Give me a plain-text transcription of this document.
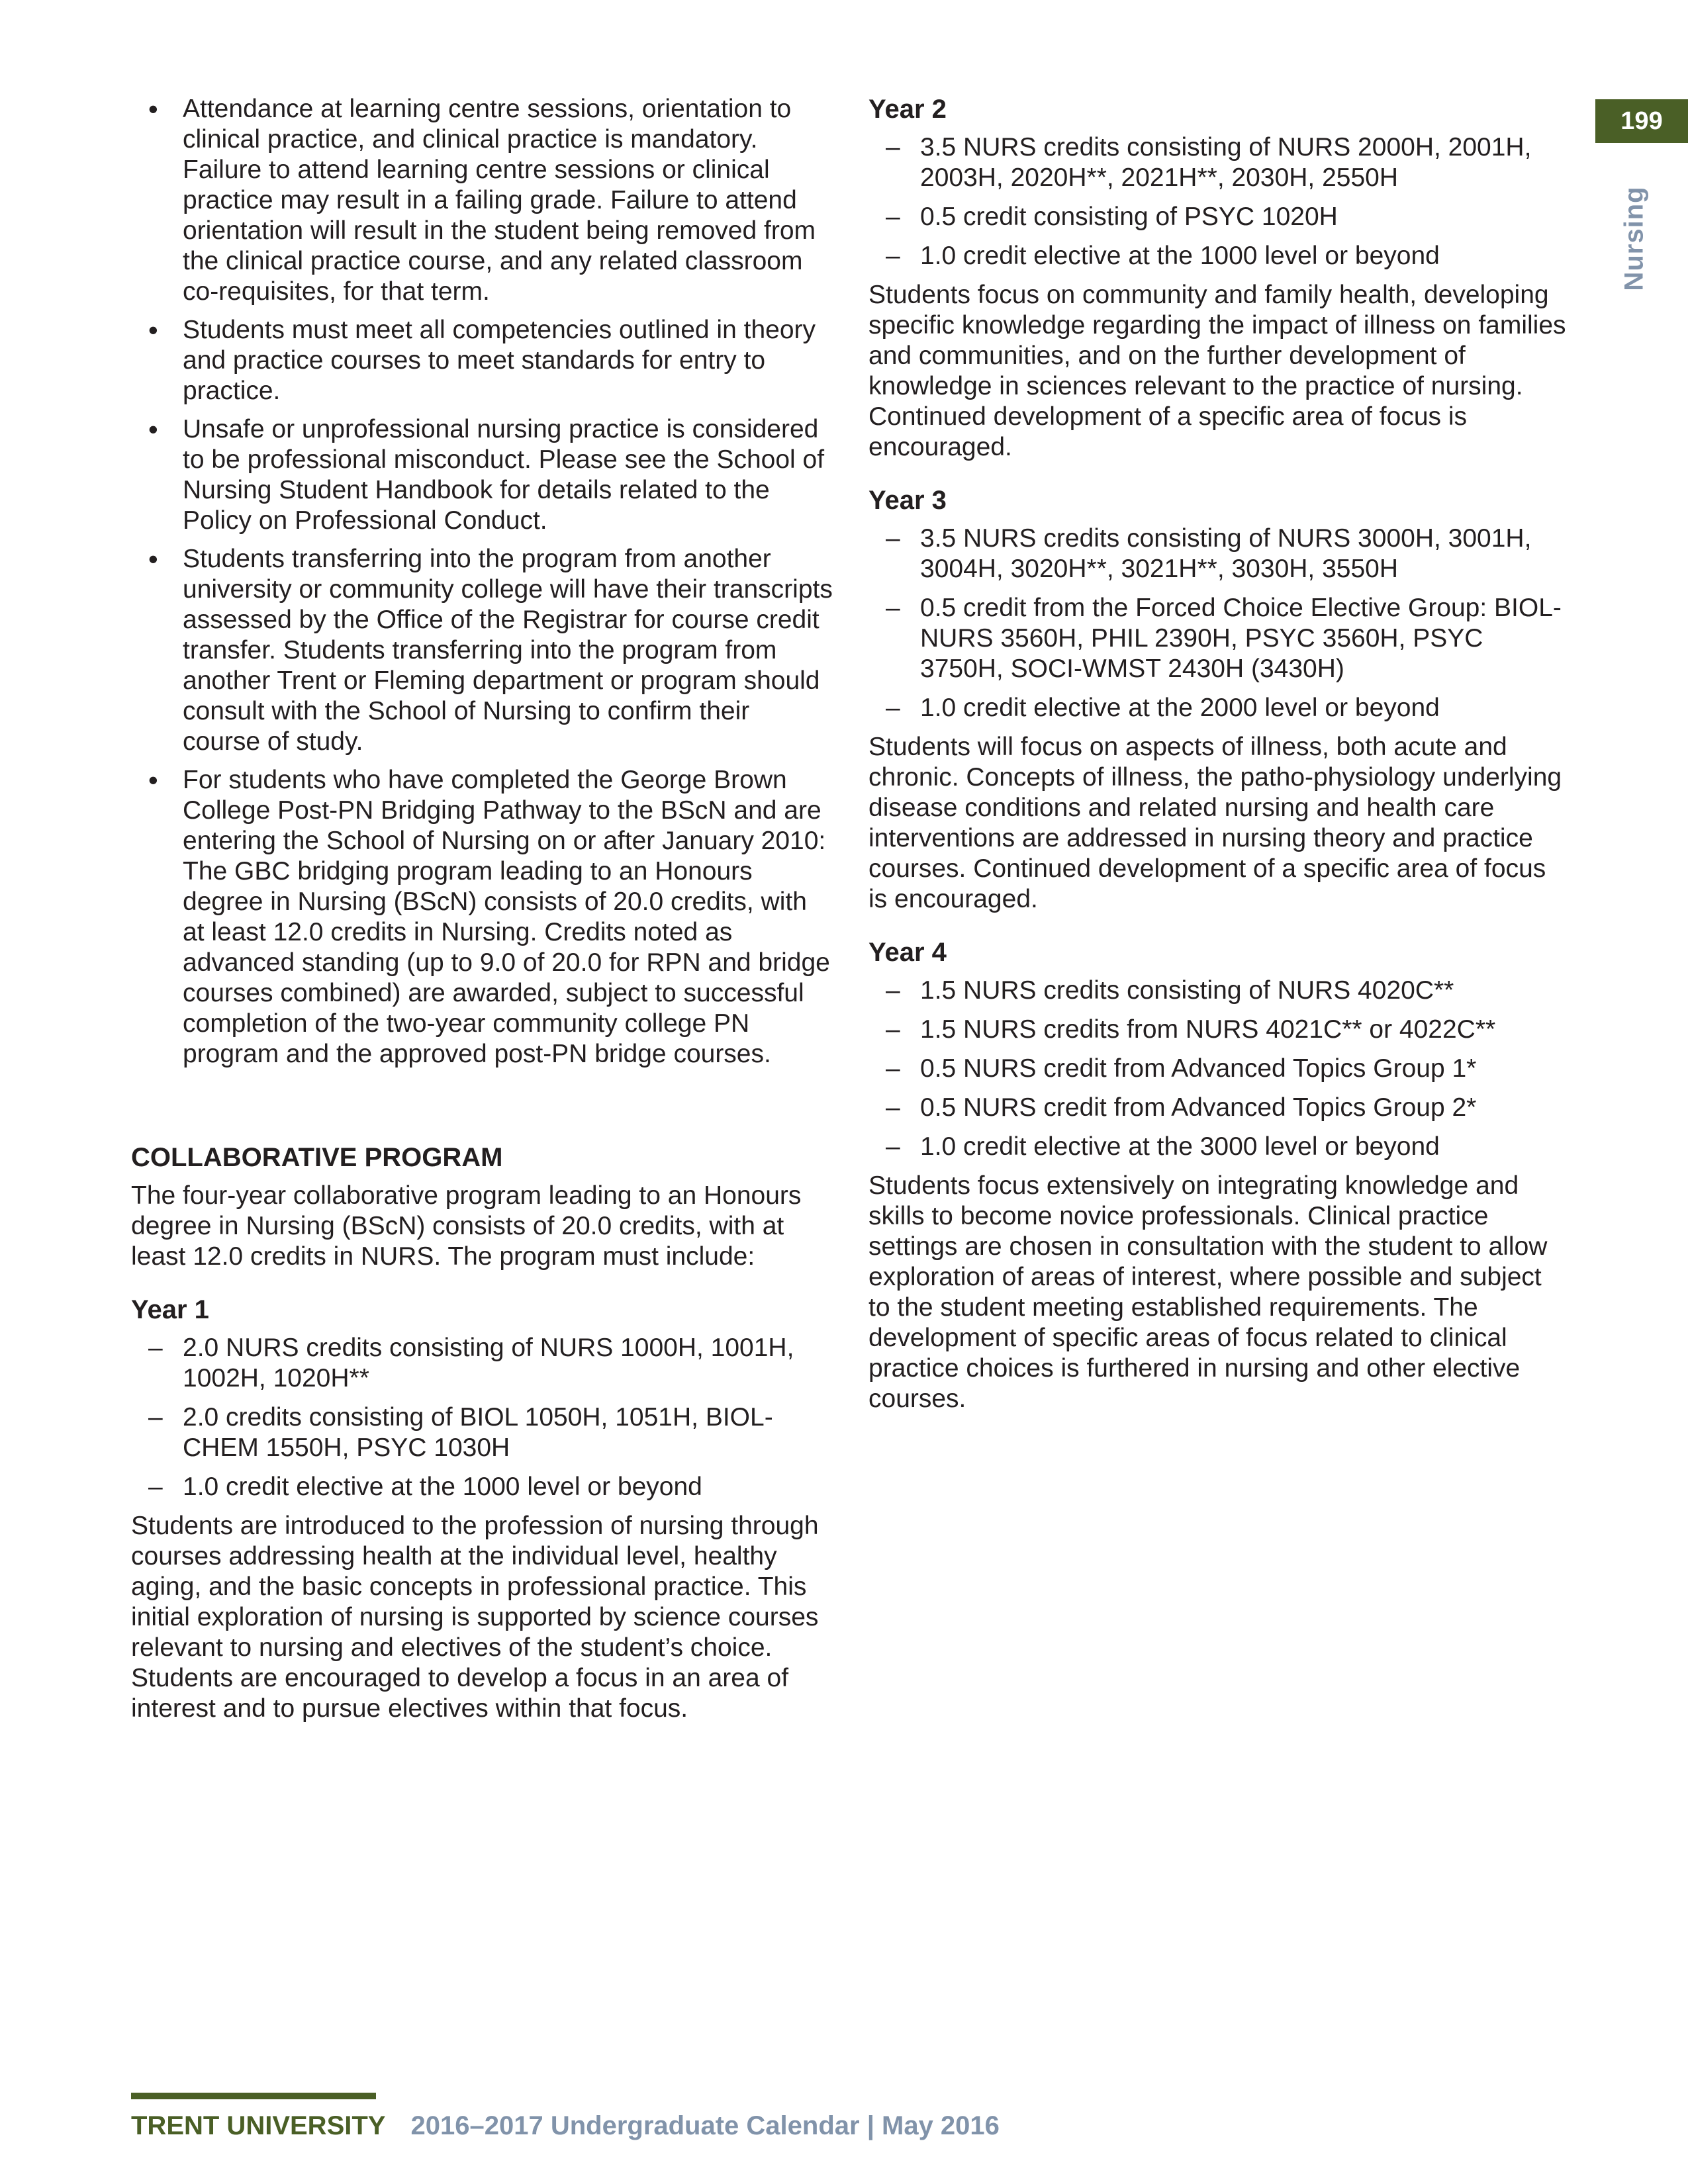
199
Nursing
• Attendance at learning centre sessions, orientation to clinical practice, and clinical practice is mandatory. Failure to attend learning centre sessions or clinical practice may result in a failing grade. Failure to attend orientation will result in the student being removed from the clinical practice course, and any related classroom co-requisites, for that term.
• Students must meet all competencies outlined in theory and practice courses to meet standards for entry to practice.
• Unsafe or unprofessional nursing practice is considered to be professional misconduct. Please see the School of Nursing Student Handbook for details related to the Policy on Professional Conduct.
• Students transferring into the program from another university or community college will have their transcripts assessed by the Office of the Registrar for course credit transfer. Students transferring into the program from another Trent or Fleming department or program should consult with the School of Nursing to confirm their course of study.
• For students who have completed the George Brown College Post-PN Bridging Pathway to the BScN and are entering the School of Nursing on or after January 2010: The GBC bridging program leading to an Honours degree in Nursing (BScN) consists of 20.0 credits, with at least 12.0 credits in Nursing. Credits noted as advanced standing (up to 9.0 of 20.0 for RPN and bridge courses combined) are awarded, subject to successful completion of the two-year community college PN program and the approved post-PN bridge courses.
COLLABORATIVE PROGRAM

The four-year collaborative program leading to an Honours degree in Nursing (BScN) consists of 20.0 credits, with at least 12.0 credits in NURS. The program must include:

Year 1
– 2.0 NURS credits consisting of NURS 1000H, 1001H, 1002H, 1020H**
– 2.0 credits consisting of BIOL 1050H, 1051H, BIOL-CHEM 1550H, PSYC 1030H
– 1.0 credit elective at the 1000 level or beyond

Students are introduced to the profession of nursing through courses addressing health at the individual level, healthy aging, and the basic concepts in professional practice. This initial exploration of nursing is supported by science courses relevant to nursing and electives of the student’s choice. Students are encouraged to develop a focus in an area of interest and to pursue electives within that focus.

Year 2
– 3.5 NURS credits consisting of NURS 2000H, 2001H, 2003H, 2020H**, 2021H**, 2030H, 2550H
– 0.5 credit consisting of PSYC 1020H
– 1.0 credit elective at the 1000 level or beyond

Students focus on community and family health, developing specific knowledge regarding the impact of illness on families and communities, and on the further development of knowledge in sciences relevant to the practice of nursing. Continued development of a specific area of focus is encouraged.

Year 3
– 3.5 NURS credits consisting of NURS 3000H, 3001H, 3004H, 3020H**, 3021H**, 3030H, 3550H
– 0.5 credit from the Forced Choice Elective Group: BIOL-NURS 3560H, PHIL 2390H, PSYC 3560H, PSYC 3750H, SOCI-WMST 2430H (3430H)
– 1.0 credit elective at the 2000 level or beyond

Students will focus on aspects of illness, both acute and chronic. Concepts of illness, the patho-physiology underlying disease conditions and related nursing and health care interventions are addressed in nursing theory and practice courses. Continued development of a specific area of focus is encouraged.

Year 4
– 1.5 NURS credits consisting of NURS 4020C**
– 1.5 NURS credits from NURS 4021C** or 4022C**
– 0.5 NURS credit from Advanced Topics Group 1*
– 0.5 NURS credit from Advanced Topics Group 2*
– 1.0 credit elective at the 3000 level or beyond

Students focus extensively on integrating knowledge and skills to become novice professionals. Clinical practice settings are chosen in consultation with the student to allow exploration of areas of interest, where possible and subject to the student meeting established requirements. The development of specific areas of focus related to clinical practice choices is furthered in nursing and other elective courses.

TRENT UNIVERSITY 2016–2017 Undergraduate Calendar | May 2016
